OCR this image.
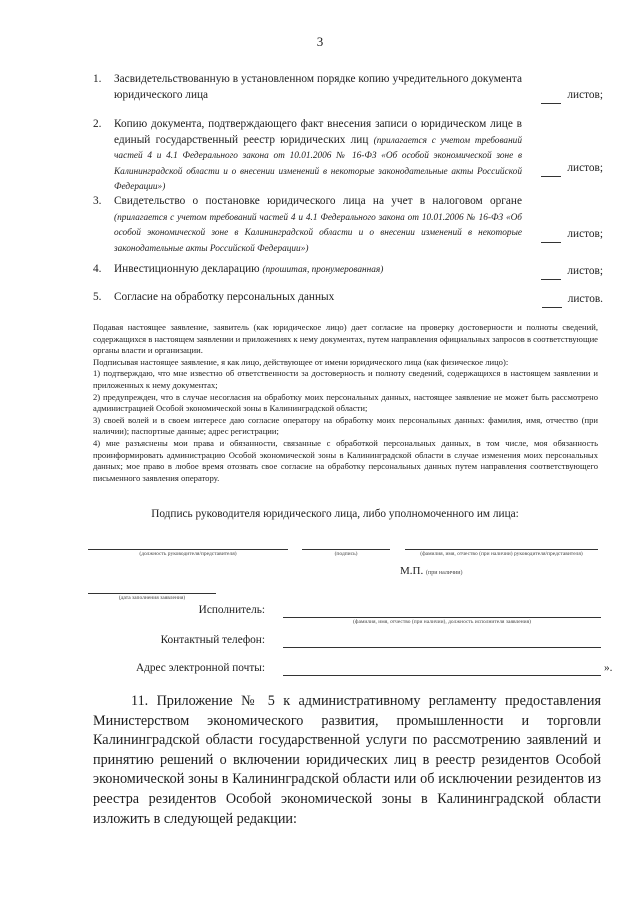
3
1. Засвидетельствованную в установленном порядке копию учредительного документа юридического лица	листов;
2. Копию документа, подтверждающего факт внесения записи о юридическом лице в единый государственный реестр юридических лиц (прилагается с учетом требований частей 4 и 4.1 Федерального закона от 10.01.2006 № 16-ФЗ «Об особой экономической зоне в Калининградской области и о внесении изменений в некоторые законодательные акты Российской Федерации»)
листов;
3. Свидетельство о постановке юридического лица на учет в налоговом органе (прилагается с учетом требований частей 4 и 4.1 Федерального закона от 10.01.2006 № 16-ФЗ «Об особой экономической зоне в Калининградской области и о внесении изменений в некоторые законодательные акты Российской Федерации»)
листов;
4. Инвестиционную декларацию (прошитая, пронумерованная)	листов;
5. Согласие на обработку персональных данных	листов.

Подавая настоящее заявление, заявитель (как юридическое лицо) дает согласие на проверку достоверности и полноты сведений, содержащихся в настоящем заявлении и приложениях к нему документах, путем направления официальных запросов в соответствующие органы власти и организации.

Подписывая настоящее заявление, я как лицо, действующее от имени юридического лица (как физическое лицо):

1) подтверждаю, что мне известно об ответственности за достоверность и полноту сведений, содержащихся в настоящем заявлении и приложенных к нему документах;

2) предупрежден, что в случае несогласия на обработку моих персональных данных, настоящее заявление не может быть рассмотрено администрацией Особой экономической зоны в Калининградской области;

3) своей волей и в своем интересе даю согласие оператору на обработку моих персональных данных: фамилия, имя, отчество (при наличии); паспортные данные; адрес регистрации;

4) мне разъяснены мои права и обязанности, связанные с обработкой персональных данных, в том числе, моя обязанность проинформировать администрацию Особой экономической зоны в Калининградской области в случае изменения моих персональных данных; мое право в любое время отозвать свое согласие на обработку персональных данных путем направления соответствующего письменного заявления оператору.

Подпись руководителя юридического лица, либо уполномоченного им лица:
(должность руководителя/представителя)	(подпись)	(фамилия, имя, отчество (при наличии) руководителя/представителя)
М.П. (при наличии)
(дата заполнения заявления)
Исполнитель:
(фамилия, имя, отчество (при наличии), должность исполнителя заявления)
Контактный телефон:
Адрес электронной почты:	».
11. Приложение № 5 к административному регламенту предоставления Министерством экономического развития, промышленности и торговли Калининградской области государственной услуги по рассмотрению заявлений и принятию решений о включении юридических лиц в реестр резидентов Особой экономической зоны в Калининградской области или об исключении резидентов из реестра резидентов Особой экономической зоны в Калининградской области изложить в следующей редакции:
